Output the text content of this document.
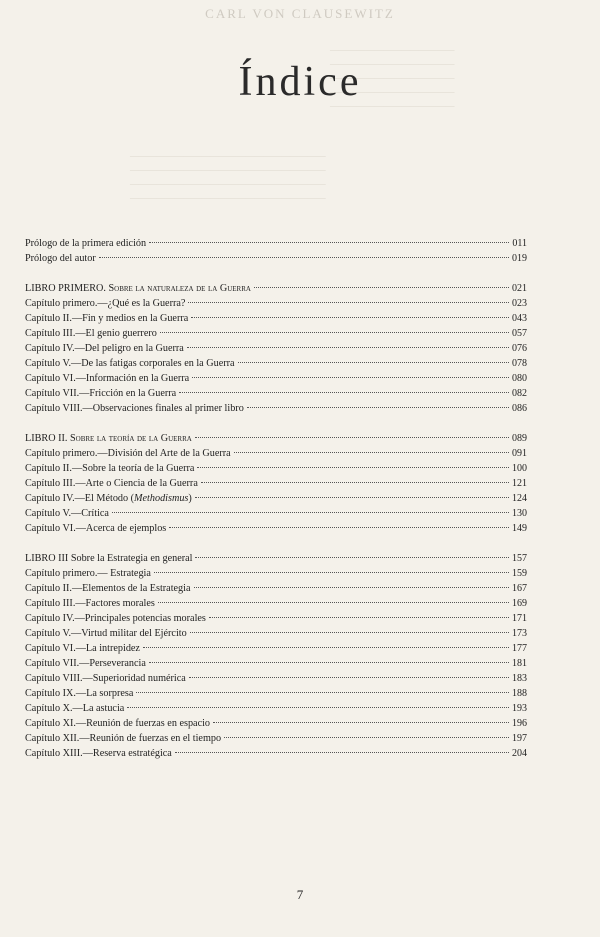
CARL VON CLAUSEWITZ
——————————————
——————————————
——————————————
——————————————
——————————————
——————————————————————
——————————————————————
——————————————————————
——————————————————————
Índice
Prólogo de la primera edición	011
Prólogo del autor	019
LIBRO PRIMERO. Sobre la naturaleza de la Guerra	021
Capítulo primero.—¿Qué es la Guerra?	023
Capítulo II.—Fin y medios en la Guerra	043
Capítulo III.—El genio guerrero	057
Capítulo IV.—Del peligro en la Guerra	076
Capítulo V.—De las fatigas corporales en la Guerra	078
Capítulo VI.—Información en la Guerra	080
Capítulo VII.—Fricción en la Guerra	082
Capítulo VIII.—Observaciones finales al primer libro	086
LIBRO II. Sobre la teoría de la Guerra	089
Capítulo primero.—División del Arte de la Guerra	091
Capítulo II.—Sobre la teoría de la Guerra	100
Capítulo III.—Arte o Ciencia de la Guerra	121
Capítulo IV.—El Método (Methodismus)	124
Capítulo V.—Crítica	130
Capítulo VI.—Acerca de ejemplos	149
LIBRO III Sobre la Estrategia en general	157
Capítulo primero.— Estrategia	159
Capítulo II.—Elementos de la Estrategia	167
Capítulo III.—Factores morales	169
Capítulo IV.—Principales potencias morales	171
Capítulo V.—Virtud militar del Ejército	173
Capítulo VI.—La intrepidez	177
Capítulo VII.—Perseverancia	181
Capítulo VIII.—Superioridad numérica	183
Capítulo IX.—La sorpresa	188
Capítulo X.—La astucia	193
Capítulo XI.—Reunión de fuerzas en espacio	196
Capítulo XII.—Reunión de fuerzas en el tiempo	197
Capítulo XIII.—Reserva estratégica	204
7
